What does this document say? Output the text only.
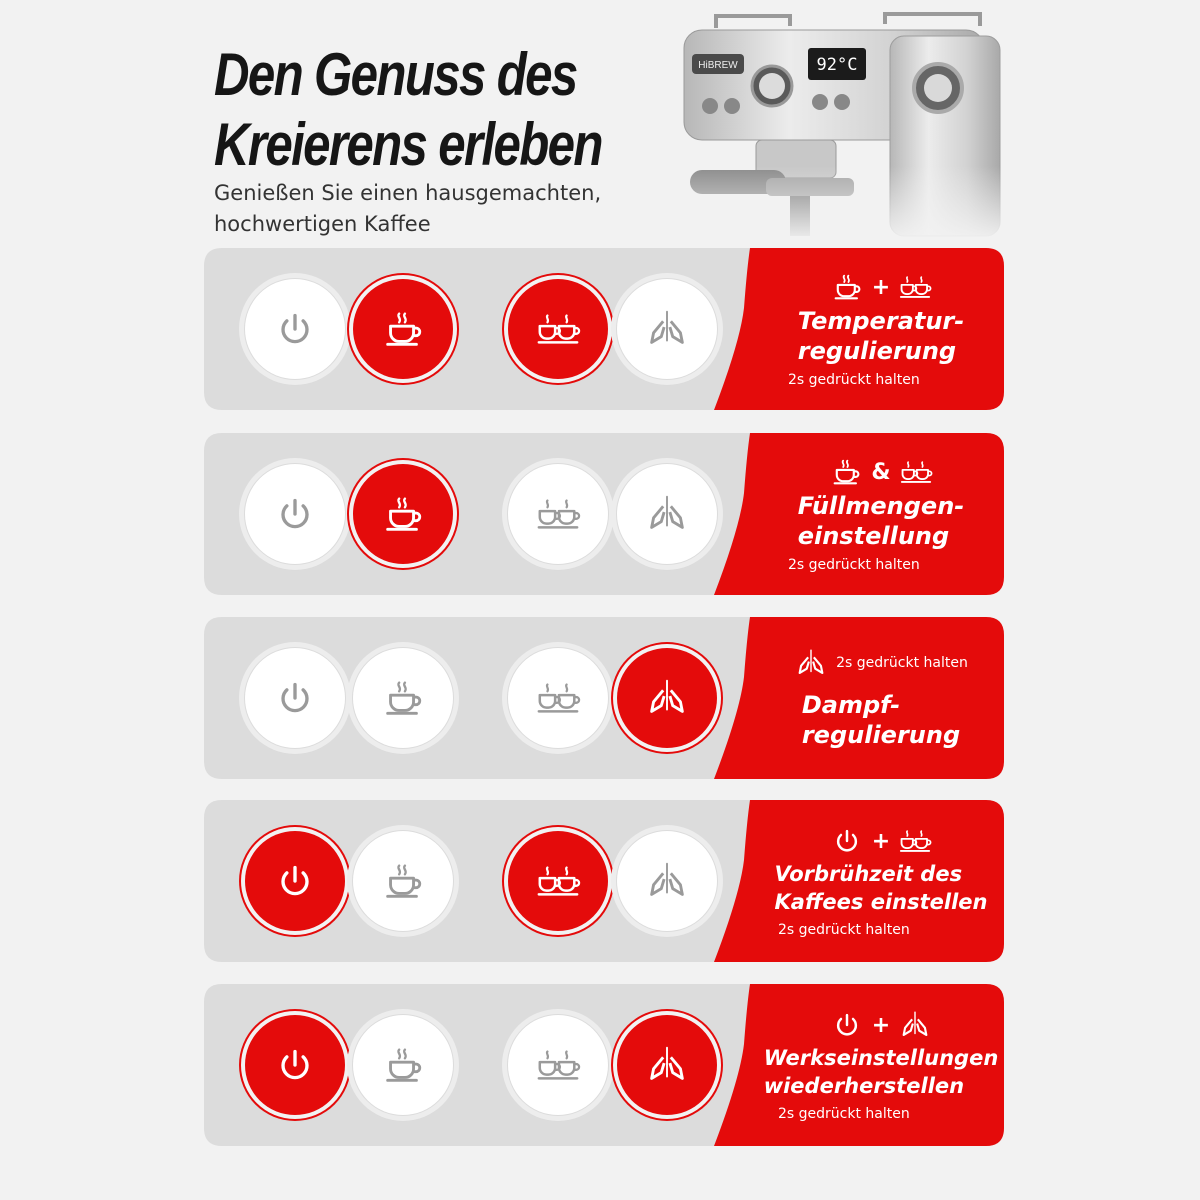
Den Genuss des Kreierens erleben

Genießen Sie einen hausgemachten, hochwertigen Kaffee

HiBREW	92°C
+
Temperatur-
regulierung
2s gedrückt halten
&
Füllmengen-
einstellung
2s gedrückt halten
2s gedrückt halten
Dampf-
regulierung
+
Vorbrühzeit des
Kaffees einstellen
2s gedrückt halten
+
Werkseinstellungen
wiederherstellen
2s gedrückt halten
